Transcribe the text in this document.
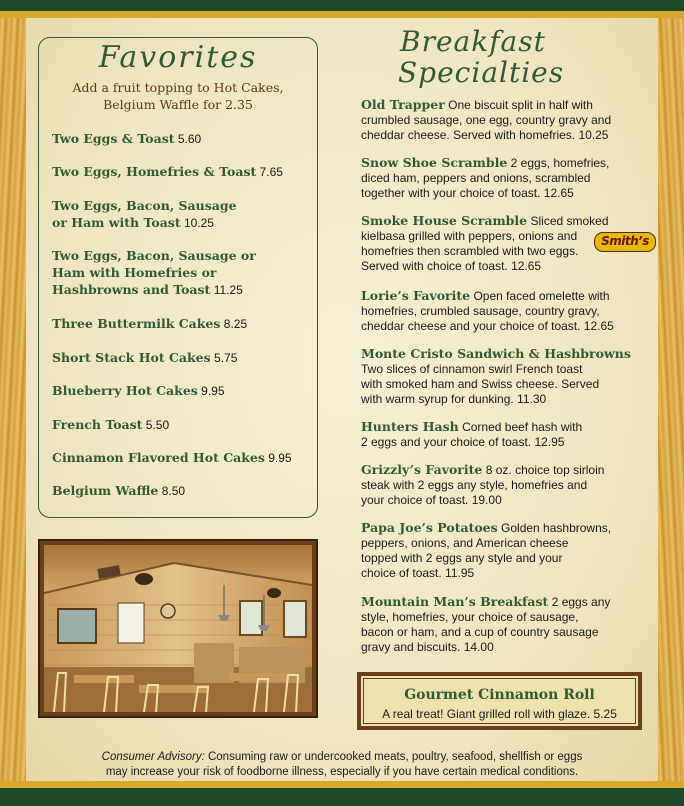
Favorites
Add a fruit topping to Hot Cakes,
Belgium Waffle for 2.35
Two Eggs & Toast 5.60
Two Eggs, Homefries & Toast 7.65
Two Eggs, Bacon, Sausage
or Ham with Toast 10.25
Two Eggs, Bacon, Sausage or
Ham with Homefries or
Hashbrowns and Toast 11.25
Three Buttermilk Cakes 8.25
Short Stack Hot Cakes 5.75
Blueberry Hot Cakes 9.95
French Toast 5.50
Cinnamon Flavored Hot Cakes 9.95
Belgium Waffle 8.50
Breakfast
Specialties
Old Trapper One biscuit split in half with
crumbled sausage, one egg, country gravy and
cheddar cheese. Served with homefries. 10.25
Snow Shoe Scramble 2 eggs, homefries,
diced ham, peppers and onions, scrambled
together with your choice of toast. 12.65
Smoke House Scramble Sliced smoked
kielbasa grilled with peppers, onions and
homefries then scrambled with two eggs.
Served with choice of toast. 12.65
Smith’s
Lorie’s Favorite Open faced omelette with
homefries, crumbled sausage, country gravy,
cheddar cheese and your choice of toast. 12.65
Monte Cristo Sandwich & Hashbrowns
Two slices of cinnamon swirl French toast
with smoked ham and Swiss cheese. Served
with warm syrup for dunking. 11.30
Hunters Hash Corned beef hash with
2 eggs and your choice of toast. 12.95
Grizzly’s Favorite 8 oz. choice top sirloin
steak with 2 eggs any style, homefries and
your choice of toast. 19.00
Papa Joe’s Potatoes Golden hashbrowns,
peppers, onions, and American cheese
topped with 2 eggs any style and your
choice of toast. 11.95
Mountain Man’s Breakfast 2 eggs any
style, homefries, your choice of sausage,
bacon or ham, and a cup of country sausage
gravy and biscuits. 14.00
Gourmet Cinnamon Roll
A real treat! Giant grilled roll with glaze. 5.25
Consumer Advisory: Consuming raw or undercooked meats, poultry, seafood, shellfish or eggs
may increase your risk of foodborne illness, especially if you have certain medical conditions.
